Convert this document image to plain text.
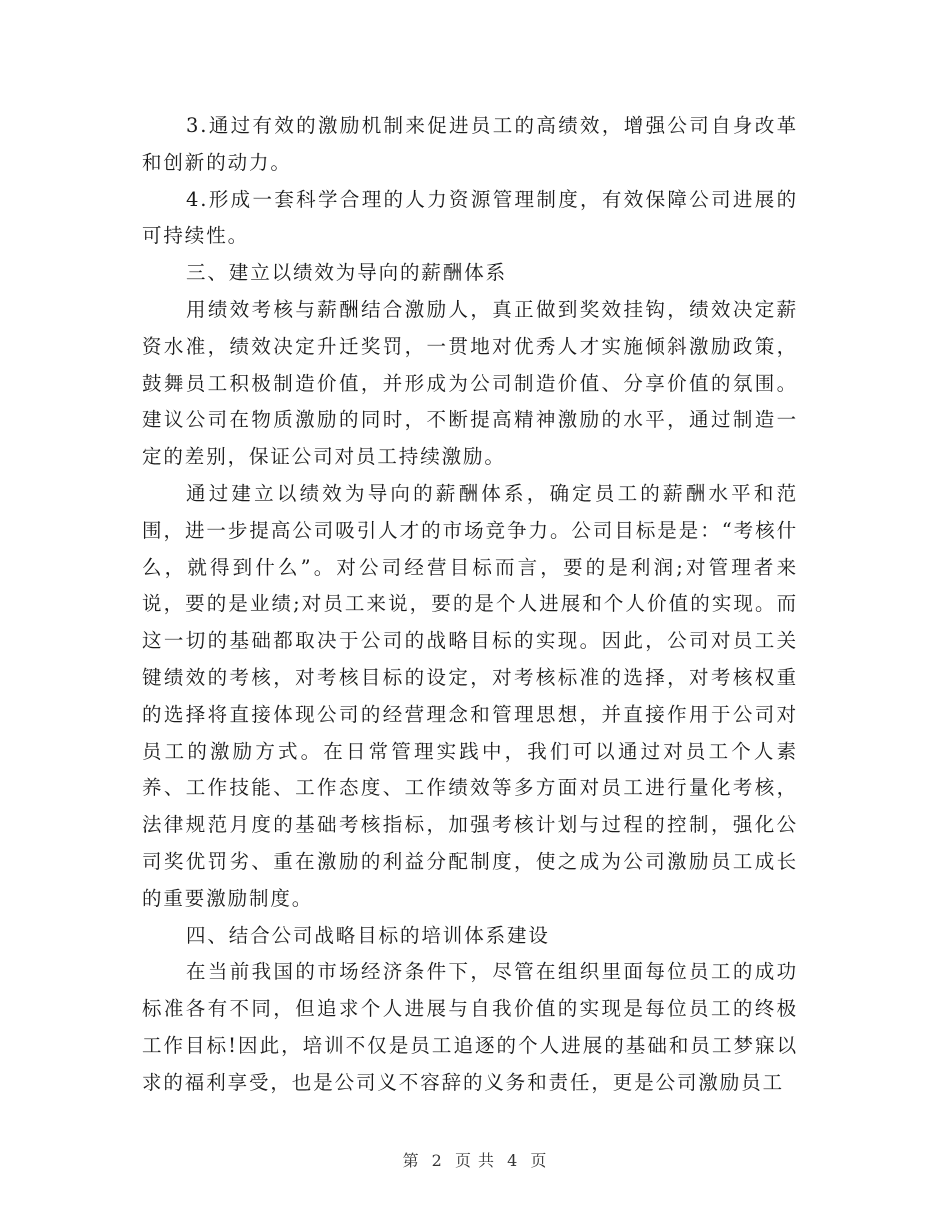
3.通过有效的激励机制来促进员工的高绩效，增强公司自身改革和创新的动力。

4.形成一套科学合理的人力资源管理制度，有效保障公司进展的可持续性。

三、建立以绩效为导向的薪酬体系

用绩效考核与薪酬结合激励人，真正做到奖效挂钩，绩效决定薪资水准，绩效决定升迁奖罚，一贯地对优秀人才实施倾斜激励政策，鼓舞员工积极制造价值，并形成为公司制造价值、分享价值的氛围。建议公司在物质激励的同时，不断提高精神激励的水平，通过制造一定的差别，保证公司对员工持续激励。

通过建立以绩效为导向的薪酬体系，确定员工的薪酬水平和范围，进一步提高公司吸引人才的市场竞争力。公司目标是是：“考核什么，就得到什么”。对公司经营目标而言，要的是利润;对管理者来说，要的是业绩;对员工来说，要的是个人进展和个人价值的实现。而这一切的基础都取决于公司的战略目标的实现。因此，公司对员工关键绩效的考核，对考核目标的设定，对考核标准的选择，对考核权重的选择将直接体现公司的经营理念和管理思想，并直接作用于公司对员工的激励方式。在日常管理实践中，我们可以通过对员工个人素养、工作技能、工作态度、工作绩效等多方面对员工进行量化考核，法律规范月度的基础考核指标，加强考核计划与过程的控制，强化公司奖优罚劣、重在激励的利益分配制度，使之成为公司激励员工成长的重要激励制度。

四、结合公司战略目标的培训体系建设

在当前我国的市场经济条件下，尽管在组织里面每位员工的成功标准各有不同，但追求个人进展与自我价值的实现是每位员工的终极工作目标!因此，培训不仅是员工追逐的个人进展的基础和员工梦寐以求的福利享受，也是公司义不容辞的义务和责任，更是公司激励员工

第 2 页 共 4 页
